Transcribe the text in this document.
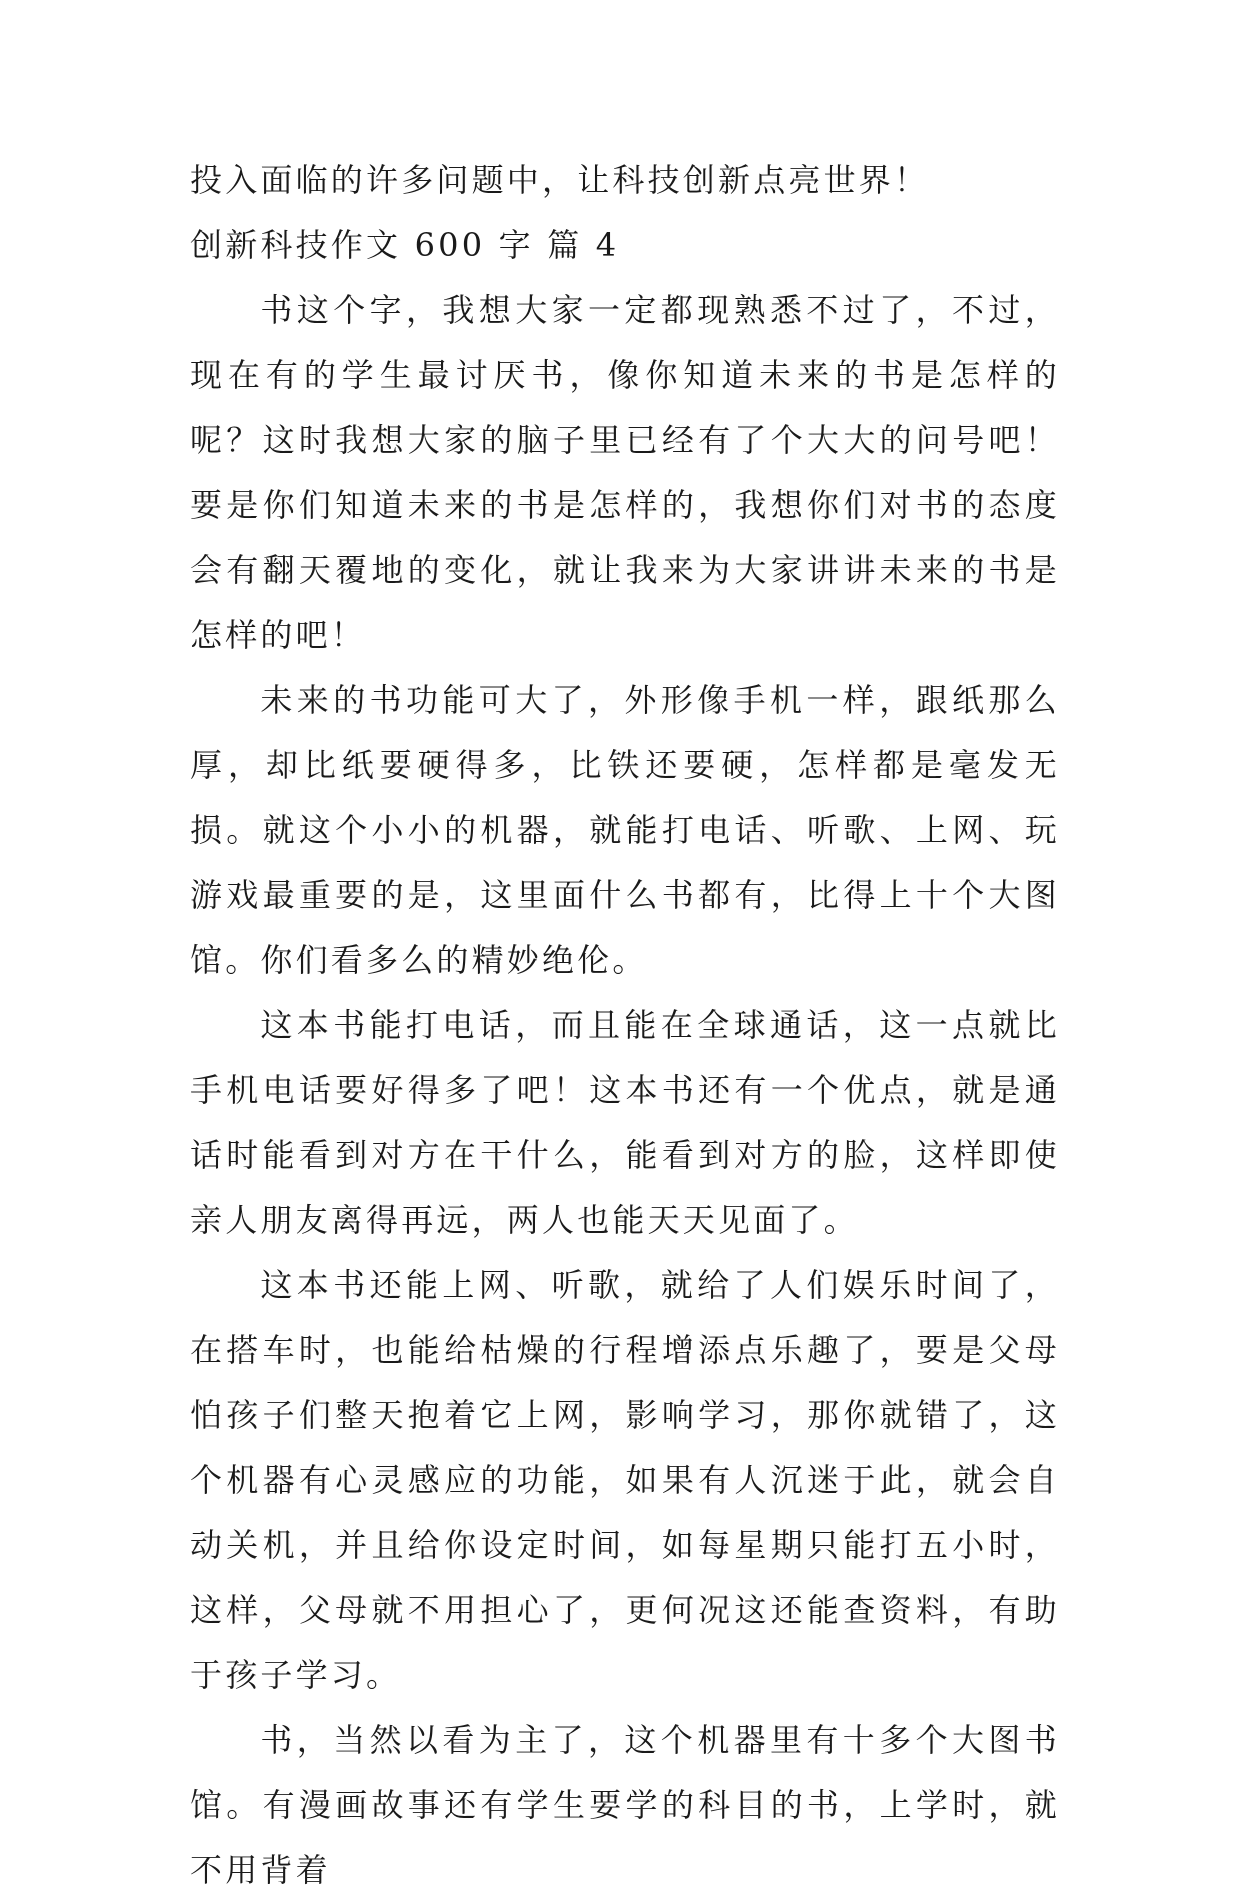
投入面临的许多问题中，让科技创新点亮世界！

创新科技作文 600 字 篇 4

书这个字，我想大家一定都现熟悉不过了，不过，现在有的学生最讨厌书，像你知道未来的书是怎样的呢？这时我想大家的脑子里已经有了个大大的问号吧！要是你们知道未来的书是怎样的，我想你们对书的态度会有翻天覆地的变化，就让我来为大家讲讲未来的书是怎样的吧！

未来的书功能可大了，外形像手机一样，跟纸那么厚，却比纸要硬得多，比铁还要硬，怎样都是毫发无损。就这个小小的机器，就能打电话、听歌、上网、玩游戏最重要的是，这里面什么书都有，比得上十个大图馆。你们看多么的精妙绝伦。

这本书能打电话，而且能在全球通话，这一点就比手机电话要好得多了吧！这本书还有一个优点，就是通话时能看到对方在干什么，能看到对方的脸，这样即使亲人朋友离得再远，两人也能天天见面了。

这本书还能上网、听歌，就给了人们娱乐时间了，在搭车时，也能给枯燥的行程增添点乐趣了，要是父母怕孩子们整天抱着它上网，影响学习，那你就错了，这个机器有心灵感应的功能，如果有人沉迷于此，就会自动关机，并且给你设定时间，如每星期只能打五小时，这样，父母就不用担心了，更何况这还能查资料，有助于孩子学习。

书，当然以看为主了，这个机器里有十多个大图书馆。有漫画故事还有学生要学的科目的书，上学时，就不用背着
